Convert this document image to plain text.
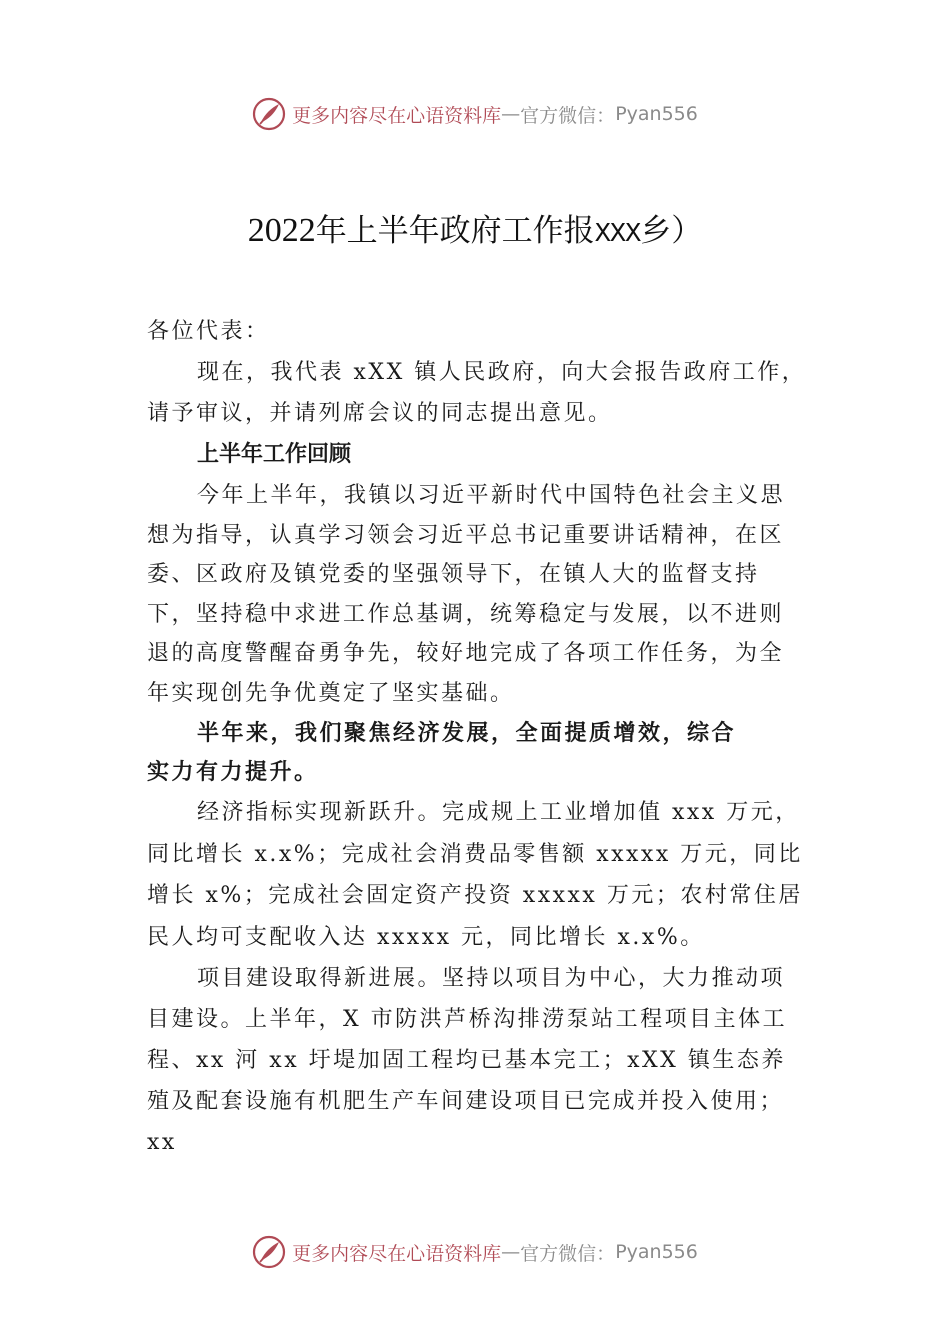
更多内容尽在心语资料库 — 官方微信： Pyan556
2022年上半年政府工作报XXX乡）

各位代表：

现在，我代表 xXX 镇人民政府，向大会报告政府工作，请予审议，并请列席会议的同志提出意见。

上半年工作回顾

今年上半年，我镇以习近平新时代中国特色社会主义思想为指导，认真学习领会习近平总书记重要讲话精神，在区委、区政府及镇党委的坚强领导下，在镇人大的监督支持下，坚持稳中求进工作总基调，统筹稳定与发展，以不进则退的高度警醒奋勇争先，较好地完成了各项工作任务，为全年实现创先争优奠定了坚实基础。

半年来，我们聚焦经济发展，全面提质增效，综合

实力有力提升。

经济指标实现新跃升。完成规上工业增加值 xxx 万元，同比增长 x.x%；完成社会消费品零售额 xxxxx 万元，同比增长 x%；完成社会固定资产投资 xxxxx 万元；农村常住居民人均可支配收入达 xxxxx 元，同比增长 x.x%。

项目建设取得新进展。坚持以项目为中心，大力推动项目建设。上半年，X 市防洪芦桥沟排涝泵站工程项目主体工程、xx 河 xx 圩堤加固工程均已基本完工；xXX 镇生态养殖及配套设施有机肥生产车间建设项目已完成并投入使用；xx

更多内容尽在心语资料库 — 官方微信： Pyan556
